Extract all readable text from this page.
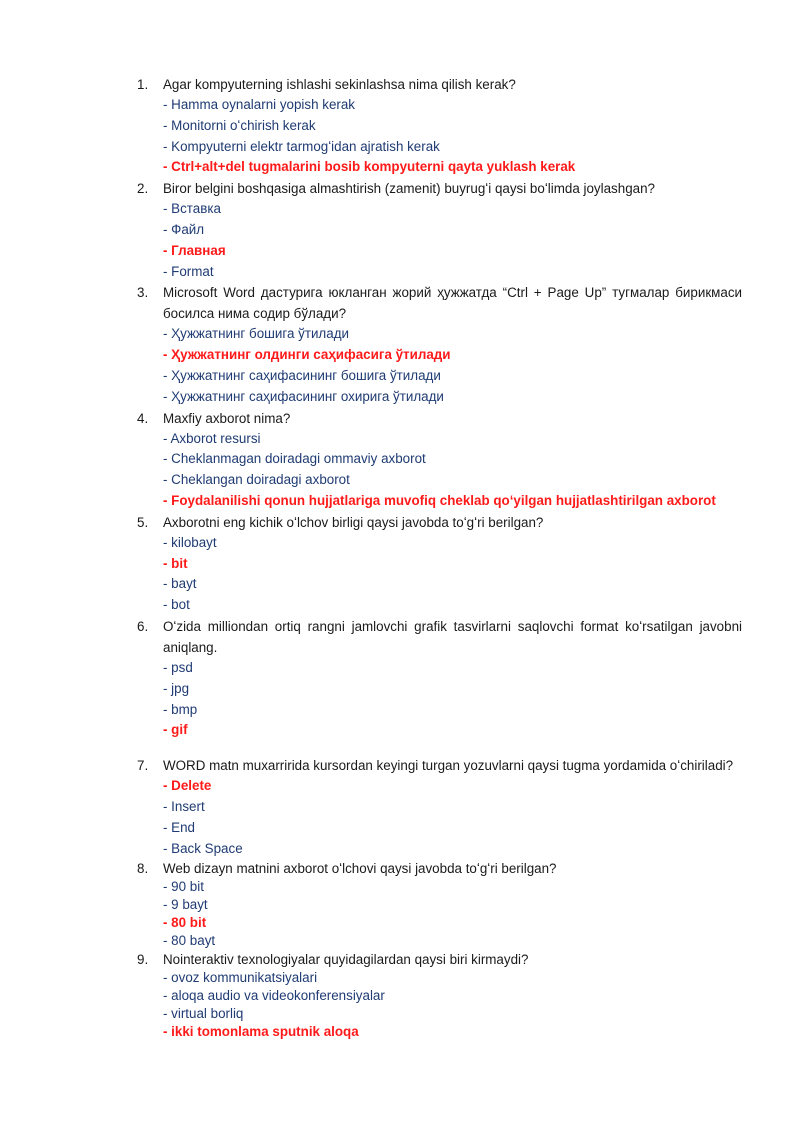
1. Agar kompyuterning ishlashi sekinlashsa nima qilish kerak?
- Hamma oynalarni yopish kerak
- Monitorni oʻchirish kerak
- Kompyuterni elektr tarmogʻidan ajratish kerak
- Ctrl+alt+del tugmalarini bosib kompyuterni qayta yuklash kerak
2. Biror belgini boshqasiga almashtirish (zamenit) buyrugʻi qaysi boʻlimda joylashgan?
- Вставка
- Файл
- Главная
- Format
3. Microsoft Word дастурига юкланган жорий ҳужжатда “Ctrl + Page Up” тугмалар бирикмаси босилса нима содир бўлади?
- Ҳужжатнинг бошига ўтилади
- Ҳужжатнинг олдинги саҳифасига ўтилади
- Ҳужжатнинг саҳифасининг бошига ўтилади
- Ҳужжатнинг саҳифасининг охирига ўтилади
4. Maxfiy axborot nima?
- Axborot resursi
- Cheklanmagan doiradagi ommaviy axborot
- Cheklangan doiradagi axborot
- Foydalanilishi qonun hujjatlariga muvofiq cheklab qoʻyilgan hujjatlashtirilgan axborot
5. Axborotni eng kichik oʻlchov birligi qaysi javobda toʻgʻri berilgan?
- kilobayt
- bit
- bayt
- bot
6. Oʻzida milliondan ortiq rangni jamlovchi grafik tasvirlarni saqlovchi format koʻrsatilgan javobni aniqlang.
- psd
- jpg
- bmp
- gif
7. WORD matn muxarririda kursordan keyingi turgan yozuvlarni qaysi tugma yordamida oʻchiriladi?
- Delete
- Insert
- End
- Back Space
8. Web dizayn matnini axborot oʻlchovi qaysi javobda toʻgʻri berilgan?
- 90 bit
- 9 bayt
- 80 bit
- 80 bayt
9. Nointeraktiv texnologiyalar quyidagilardan qaysi biri kirmaydi?
- ovoz kommunikatsiyalari
- aloqa audio va videokonferensiyalar
- virtual borliq
- ikki tomonlama sputnik aloqa
